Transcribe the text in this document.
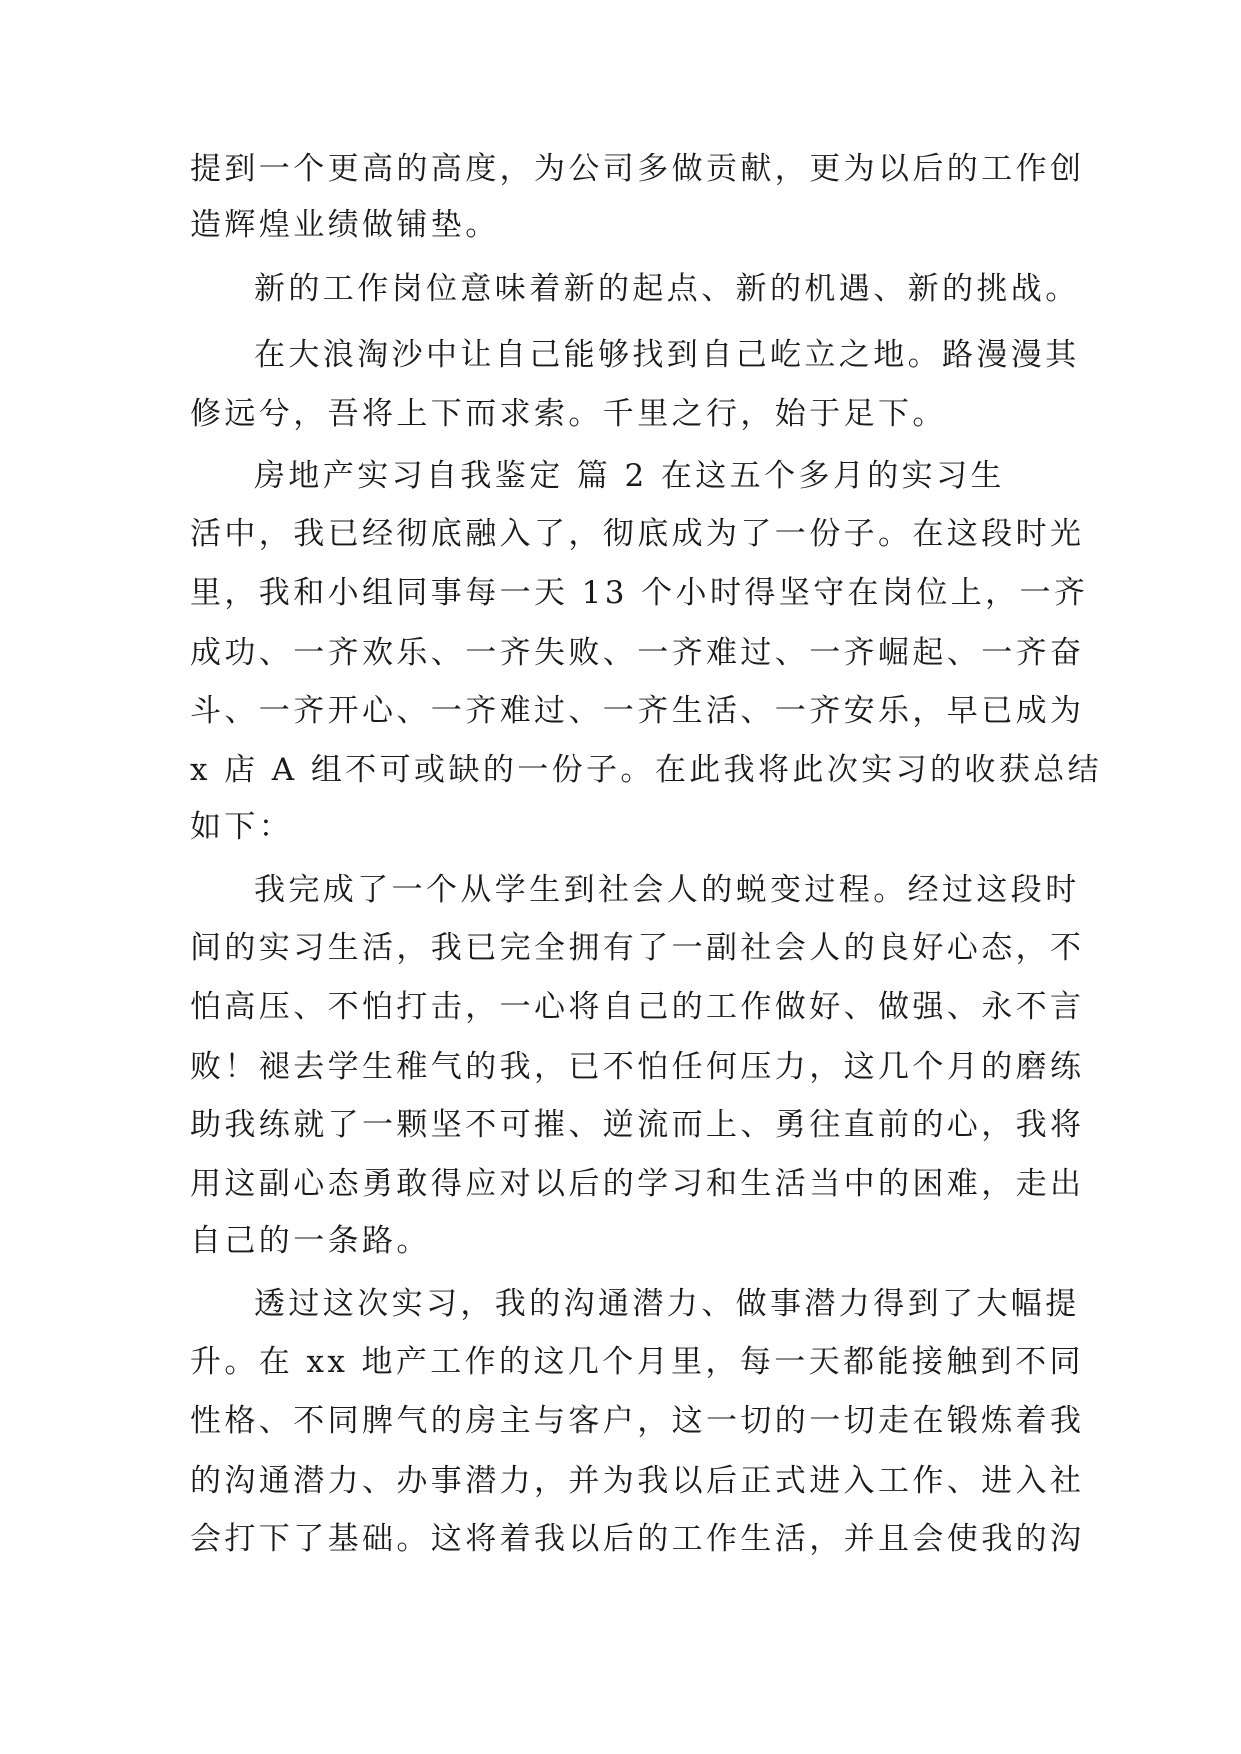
提到一个更高的高度，为公司多做贡献，更为以后的工作创

造辉煌业绩做铺垫。

新的工作岗位意味着新的起点、新的机遇、新的挑战。

在大浪淘沙中让自己能够找到自己屹立之地。路漫漫其

修远兮，吾将上下而求索。千里之行，始于足下。

房地产实习自我鉴定 篇 2 在这五个多月的实习生

活中，我已经彻底融入了，彻底成为了一份子。在这段时光

里，我和小组同事每一天 13 个小时得坚守在岗位上，一齐

成功、一齐欢乐、一齐失败、一齐难过、一齐崛起、一齐奋

斗、一齐开心、一齐难过、一齐生活、一齐安乐，早已成为

x 店 A 组不可或缺的一份子。在此我将此次实习的收获总结

如下：

我完成了一个从学生到社会人的蜕变过程。经过这段时

间的实习生活，我已完全拥有了一副社会人的良好心态，不

怕高压、不怕打击，一心将自己的工作做好、做强、永不言

败！褪去学生稚气的我，已不怕任何压力，这几个月的磨练

助我练就了一颗坚不可摧、逆流而上、勇往直前的心，我将

用这副心态勇敢得应对以后的学习和生活当中的困难，走出

自己的一条路。

透过这次实习，我的沟通潜力、做事潜力得到了大幅提

升。在 xx 地产工作的这几个月里，每一天都能接触到不同

性格、不同脾气的房主与客户，这一切的一切走在锻炼着我

的沟通潜力、办事潜力，并为我以后正式进入工作、进入社

会打下了基础。这将着我以后的工作生活，并且会使我的沟
